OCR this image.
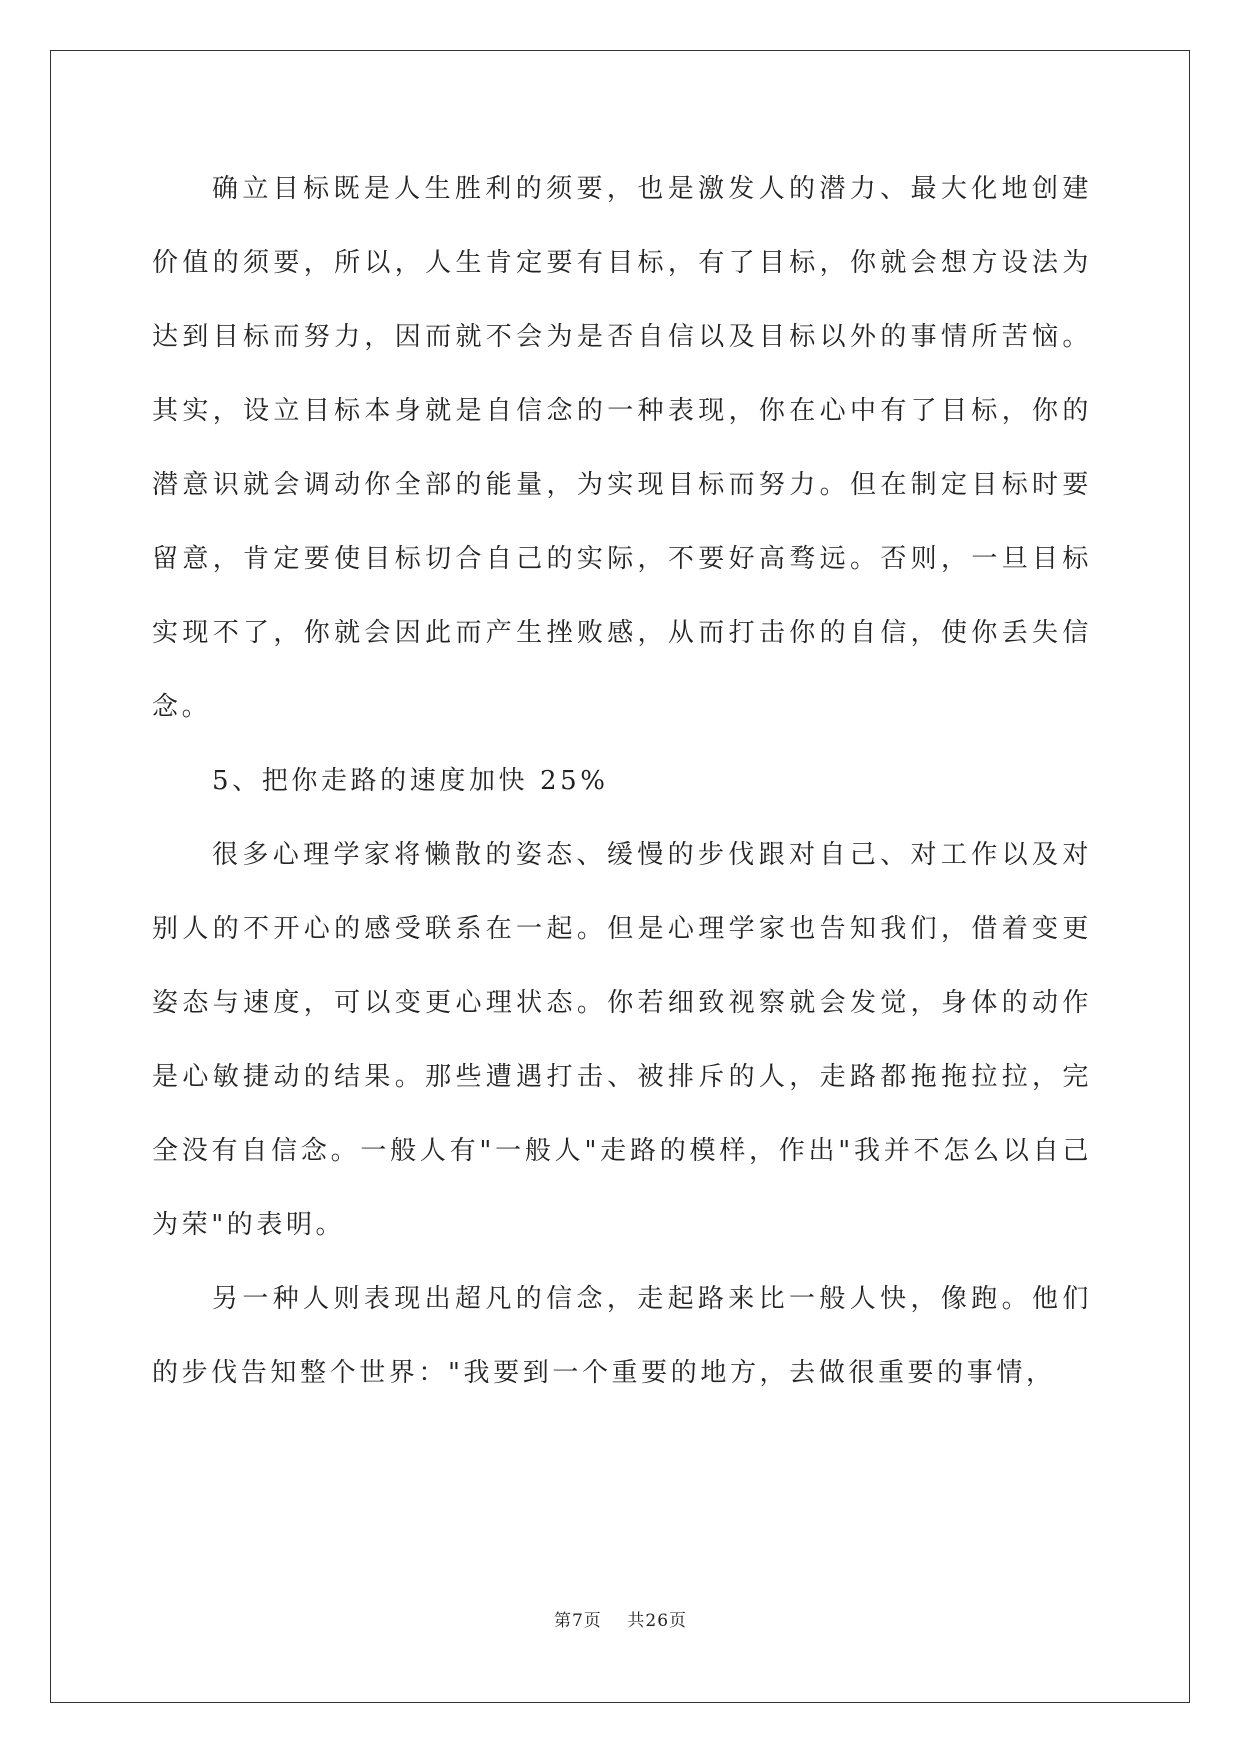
确立目标既是人生胜利的须要，也是激发人的潜力、最大化地创建价值的须要，所以，人生肯定要有目标，有了目标，你就会想方设法为达到目标而努力，因而就不会为是否自信以及目标以外的事情所苦恼。其实，设立目标本身就是自信念的一种表现，你在心中有了目标，你的潜意识就会调动你全部的能量，为实现目标而努力。但在制定目标时要留意，肯定要使目标切合自己的实际，不要好高骛远。否则，一旦目标实现不了，你就会因此而产生挫败感，从而打击你的自信，使你丢失信念。

5、把你走路的速度加快 25%

很多心理学家将懒散的姿态、缓慢的步伐跟对自己、对工作以及对别人的不开心的感受联系在一起。但是心理学家也告知我们，借着变更姿态与速度，可以变更心理状态。你若细致视察就会发觉，身体的动作是心敏捷动的结果。那些遭遇打击、被排斥的人，走路都拖拖拉拉，完全没有自信念。一般人有"一般人"走路的模样，作出"我并不怎么以自己为荣"的表明。

另一种人则表现出超凡的信念，走起路来比一般人快，像跑。他们的步伐告知整个世界："我要到一个重要的地方，去做很重要的事情，

第7页 共26页
